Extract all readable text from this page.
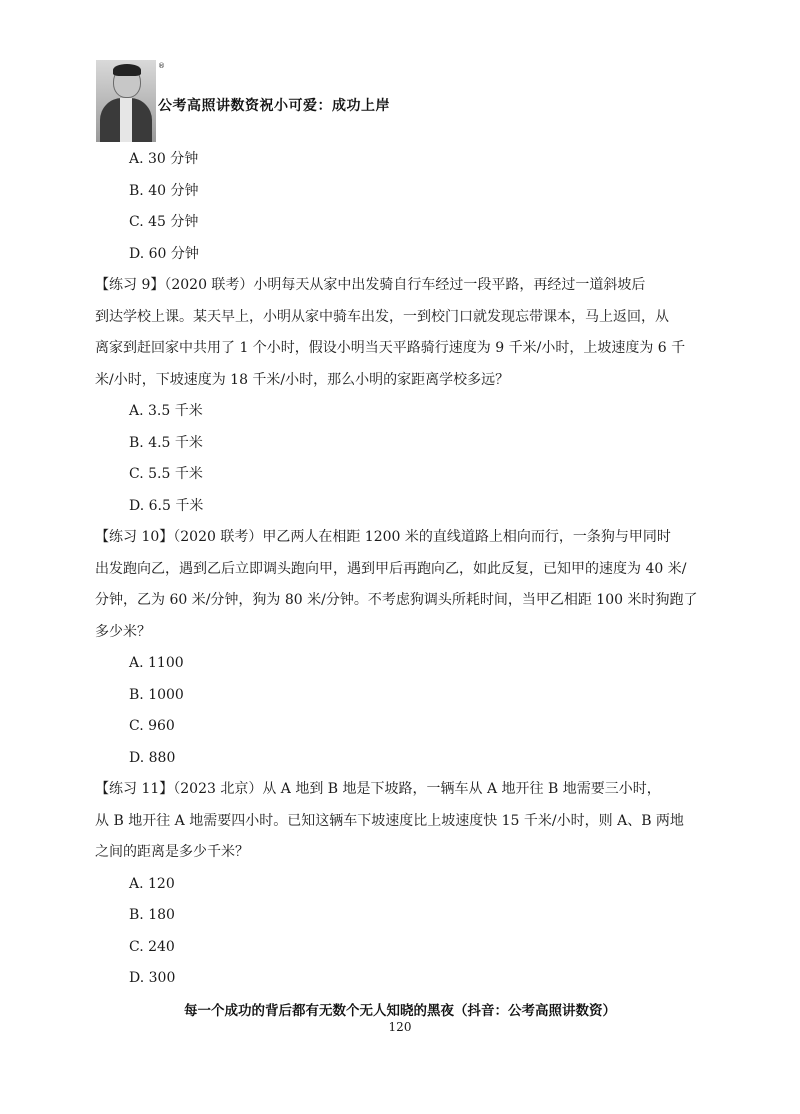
®
公考高照讲数资祝小可爱：成功上岸
A. 30 分钟
B. 40 分钟
C. 45 分钟
D. 60 分钟
【练习 9】（2020 联考）小明每天从家中出发骑自行车经过一段平路，再经过一道斜坡后
到达学校上课。某天早上，小明从家中骑车出发，一到校门口就发现忘带课本，马上返回，从
离家到赶回家中共用了 1 个小时，假设小明当天平路骑行速度为 9 千米/小时，上坡速度为 6 千
米/小时，下坡速度为 18 千米/小时，那么小明的家距离学校多远？
A. 3.5 千米
B. 4.5 千米
C. 5.5 千米
D. 6.5 千米
【练习 10】（2020 联考）甲乙两人在相距 1200 米的直线道路上相向而行，一条狗与甲同时
出发跑向乙，遇到乙后立即调头跑向甲，遇到甲后再跑向乙，如此反复，已知甲的速度为 40 米/
分钟，乙为 60 米/分钟，狗为 80 米/分钟。不考虑狗调头所耗时间，当甲乙相距 100 米时狗跑了
多少米？
A. 1100
B. 1000
C. 960
D. 880
【练习 11】（2023 北京）从 A 地到 B 地是下坡路，一辆车从 A 地开往 B 地需要三小时，
从 B 地开往 A 地需要四小时。已知这辆车下坡速度比上坡速度快 15 千米/小时，则 A、B 两地
之间的距离是多少千米？
A. 120
B. 180
C. 240
D. 300
每一个成功的背后都有无数个无人知晓的黑夜（抖音：公考高照讲数资）
120
